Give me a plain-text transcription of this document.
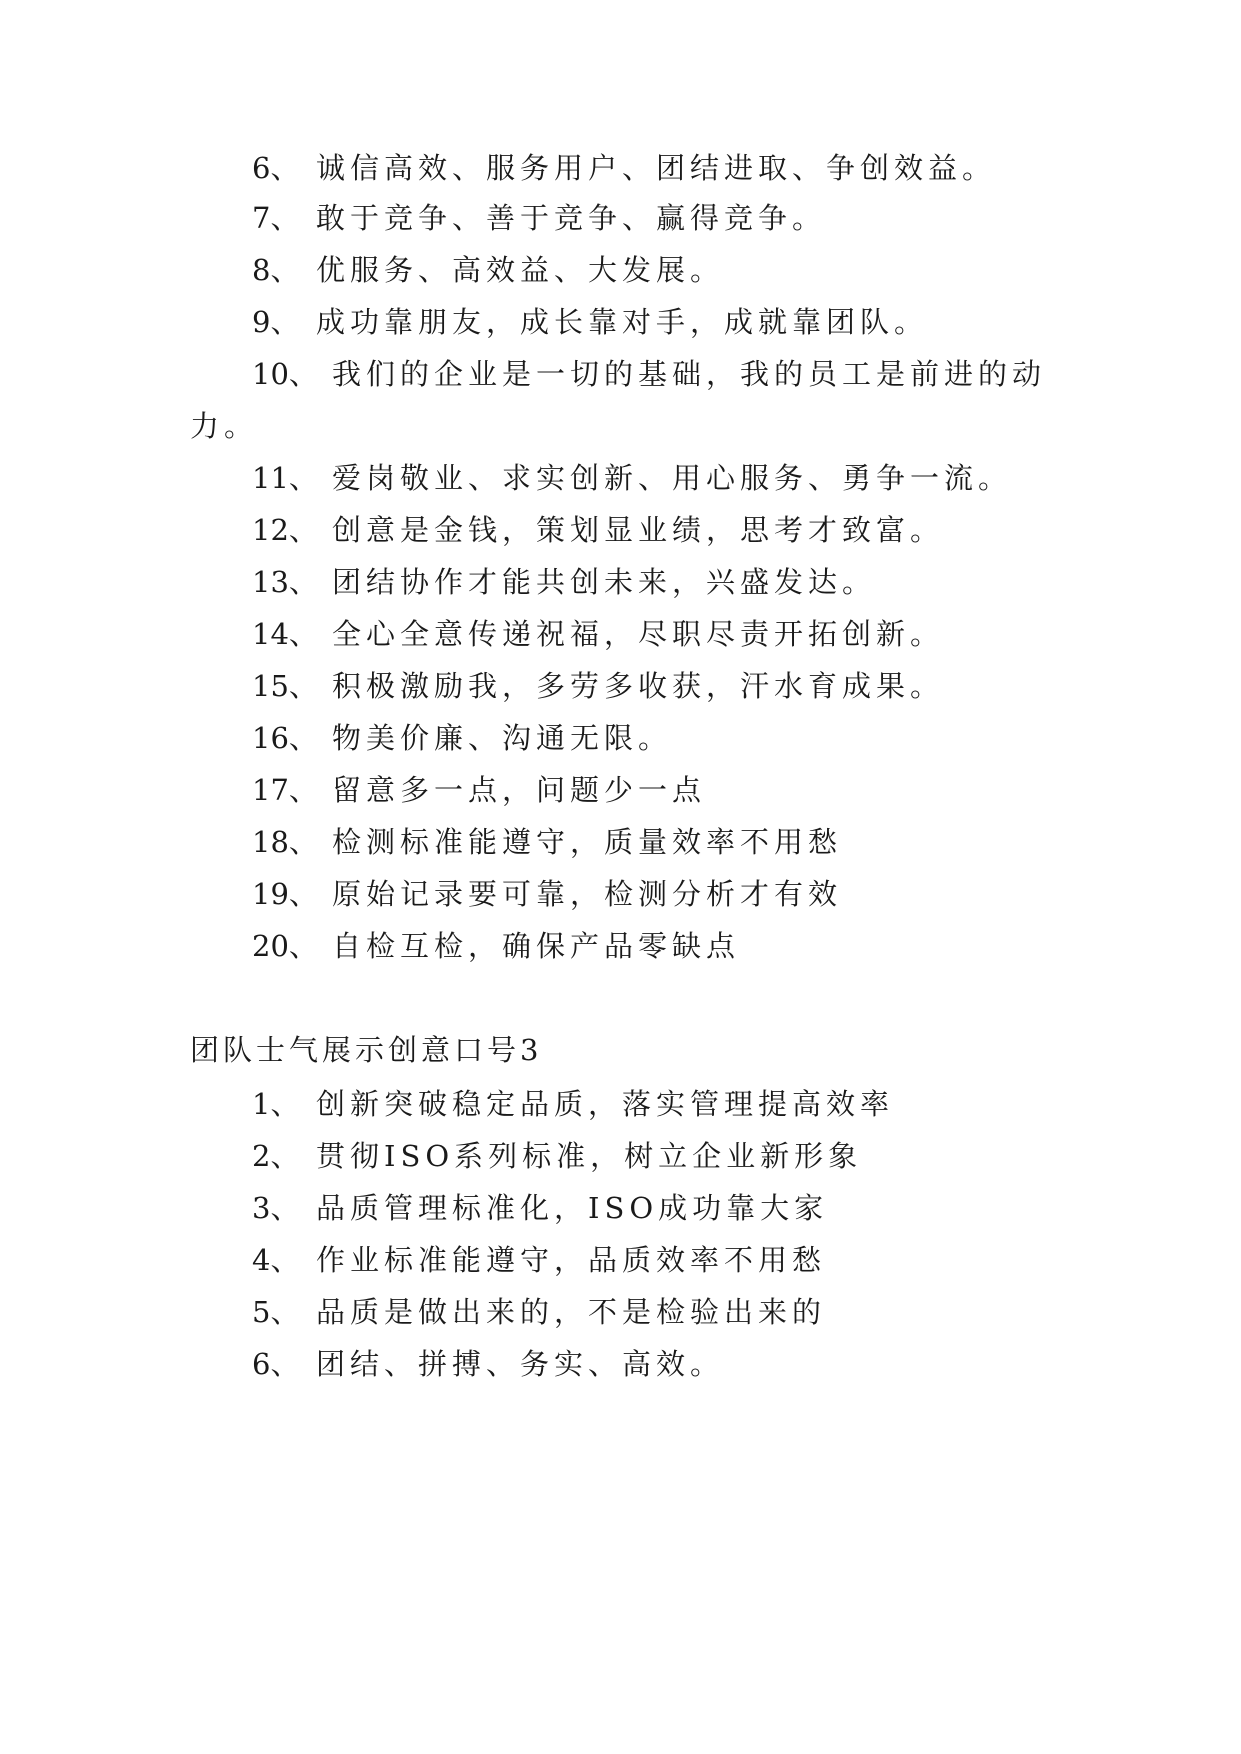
6、 诚信高效、服务用户、团结进取、争创效益。
7、 敢于竞争、善于竞争、赢得竞争。
8、 优服务、高效益、大发展。
9、 成功靠朋友，成长靠对手，成就靠团队。
10、 我们的企业是一切的基础，我的员工是前进的动
力。
11、 爱岗敬业、求实创新、用心服务、勇争一流。
12、 创意是金钱，策划显业绩，思考才致富。
13、 团结协作才能共创未来，兴盛发达。
14、 全心全意传递祝福，尽职尽责开拓创新。
15、 积极激励我，多劳多收获，汗水育成果。
16、 物美价廉、沟通无限。
17、 留意多一点，问题少一点
18、 检测标准能遵守，质量效率不用愁
19、 原始记录要可靠，检测分析才有效
20、 自检互检，确保产品零缺点
团队士气展示创意口号3
1、 创新突破稳定品质，落实管理提高效率
2、 贯彻ISO系列标准，树立企业新形象
3、 品质管理标准化，ISO成功靠大家
4、 作业标准能遵守，品质效率不用愁
5、 品质是做出来的，不是检验出来的
6、 团结、拼搏、务实、高效。
